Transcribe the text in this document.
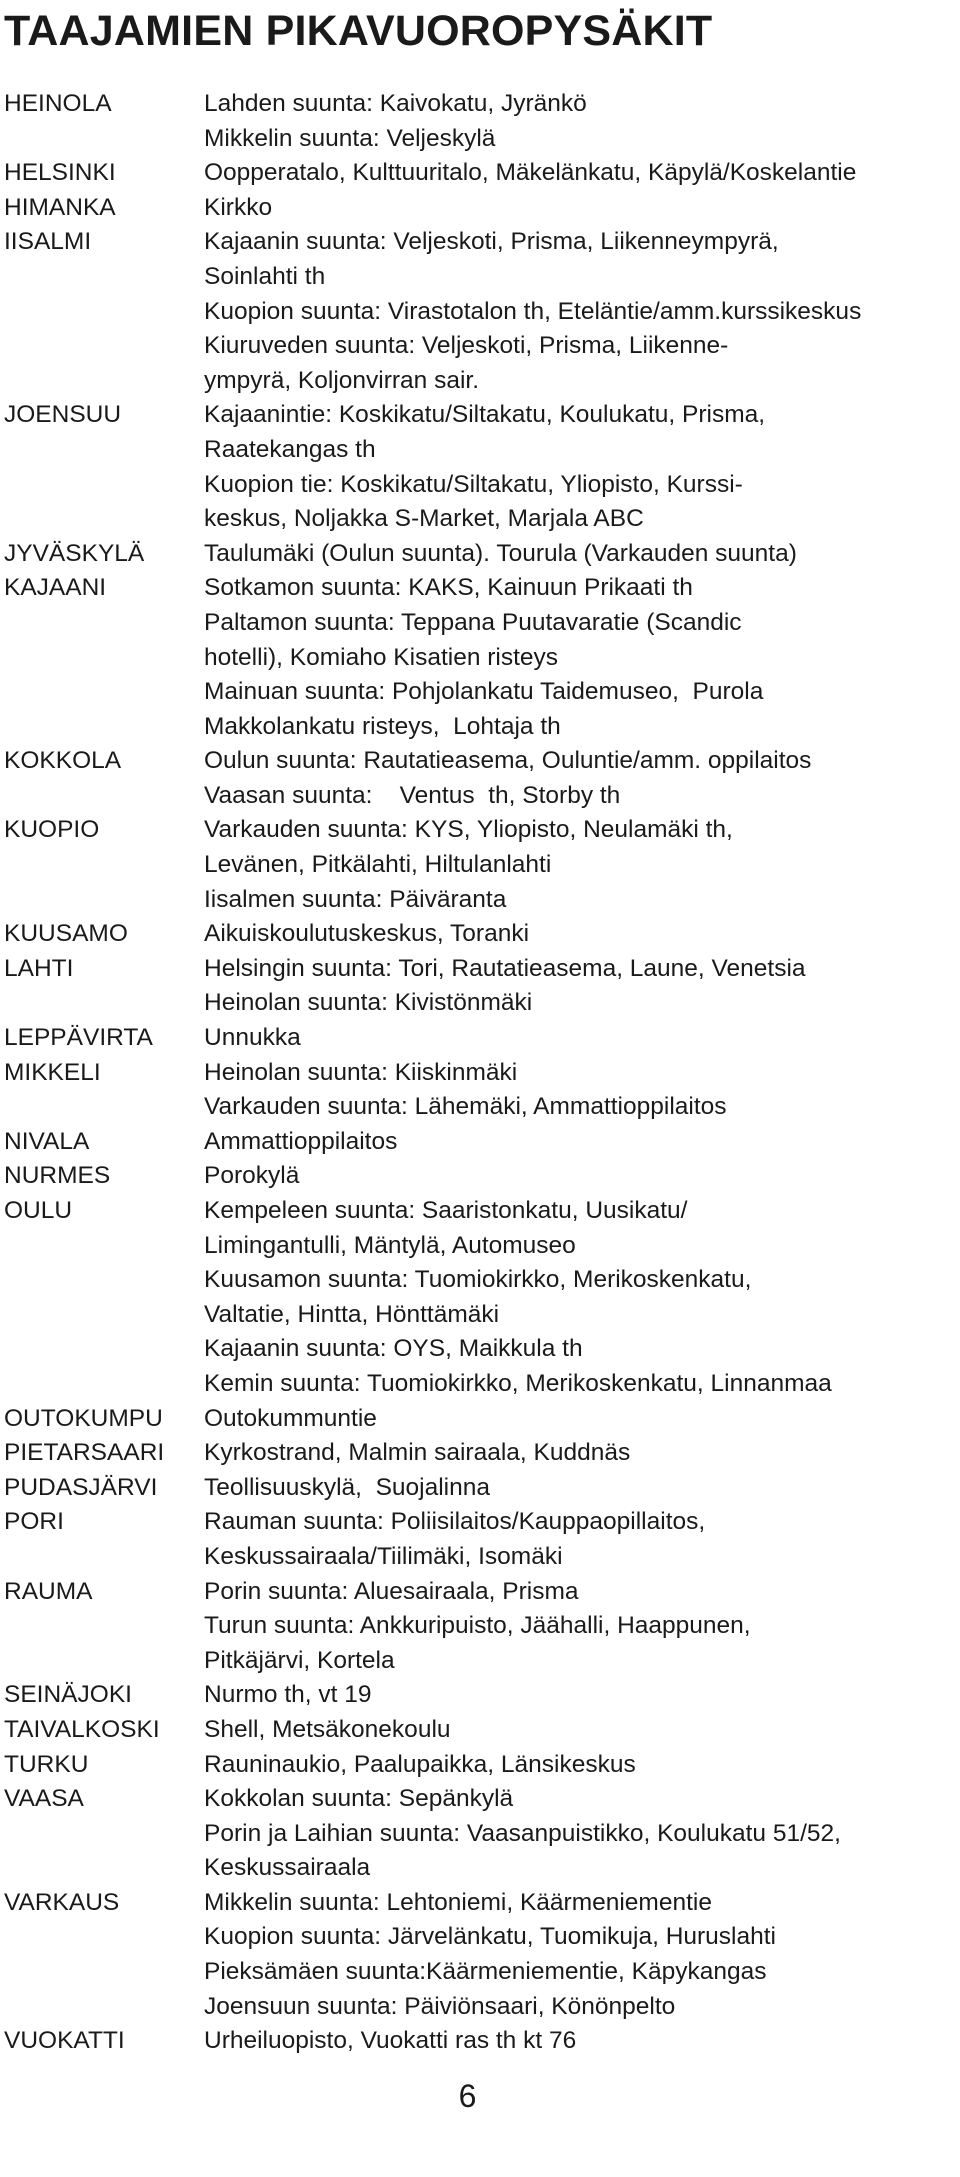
TAAJAMIEN PIKAVUOROPYSÄKIT
HEINOLA	Lahden suunta: Kaivokatu, Jyränkö
Mikkelin suunta: Veljeskylä
HELSINKI	Oopperatalo, Kulttuuritalo, Mäkelänkatu, Käpylä/Koskelantie
HIMANKA	Kirkko
IISALMI	Kajaanin suunta: Veljeskoti, Prisma, Liikenneympyrä,
Soinlahti th
Kuopion suunta: Virastotalon th, Eteläntie/amm.kurssikeskus
Kiuruveden suunta: Veljeskoti, Prisma, Liikenne-
ympyrä, Koljonvirran sair.
JOENSUU	Kajaanintie: Koskikatu/Siltakatu, Koulukatu, Prisma,
Raatekangas th
Kuopion tie: Koskikatu/Siltakatu, Yliopisto, Kurssi-
keskus, Noljakka S-Market, Marjala ABC
JYVÄSKYLÄ	Taulumäki (Oulun suunta). Tourula (Varkauden suunta)
KAJAANI	Sotkamon suunta: KAKS, Kainuun Prikaati th
Paltamon suunta: Teppana Puutavaratie (Scandic
hotelli), Komiaho Kisatien risteys
Mainuan suunta: Pohjolankatu Taidemuseo,  Purola
Makkolankatu risteys,  Lohtaja th
KOKKOLA	Oulun suunta: Rautatieasema, Ouluntie/amm. oppilaitos
Vaasan suunta:    Ventus  th, Storby th
KUOPIO	Varkauden suunta: KYS, Yliopisto, Neulamäki th,
Levänen, Pitkälahti, Hiltulanlahti
Iisalmen suunta: Päiväranta
KUUSAMO	Aikuiskoulutuskeskus, Toranki
LAHTI	Helsingin suunta: Tori, Rautatieasema, Laune, Venetsia
Heinolan suunta: Kivistönmäki
LEPPÄVIRTA	Unnukka
MIKKELI	Heinolan suunta: Kiiskinmäki
Varkauden suunta: Lähemäki, Ammattioppilaitos
NIVALA	Ammattioppilaitos
NURMES	Porokylä
OULU	Kempeleen suunta: Saaristonkatu, Uusikatu/
Limingantulli, Mäntylä, Automuseo
Kuusamon suunta: Tuomiokirkko, Merikoskenkatu,
Valtatie, Hintta, Hönttämäki
Kajaanin suunta: OYS, Maikkula th
Kemin suunta: Tuomiokirkko, Merikoskenkatu, Linnanmaa
OUTOKUMPU	Outokummuntie
PIETARSAARI	Kyrkostrand, Malmin sairaala, Kuddnäs
PUDASJÄRVI	Teollisuuskylä,  Suojalinna
PORI	Rauman suunta: Poliisilaitos/Kauppaopillaitos,
Keskussairaala/Tiilimäki, Isomäki
RAUMA	Porin suunta: Aluesairaala, Prisma
Turun suunta: Ankkuripuisto, Jäähalli, Haappunen,
Pitkäjärvi, Kortela
SEINÄJOKI	Nurmo th, vt 19
TAIVALKOSKI	Shell, Metsäkonekoulu
TURKU	Rauninaukio, Paalupaikka, Länsikeskus
VAASA	Kokkolan suunta: Sepänkylä
Porin ja Laihian suunta: Vaasanpuistikko, Koulukatu 51/52,
Keskussairaala
VARKAUS	Mikkelin suunta: Lehtoniemi, Käärmeniementie
Kuopion suunta: Järvelänkatu, Tuomikuja, Huruslahti
Pieksämäen suunta:Käärmeniementie, Käpykangas
Joensuun suunta: Päiviönsaari, Könönpelto
VUOKATTI	Urheiluopisto, Vuokatti ras th kt 76
6
